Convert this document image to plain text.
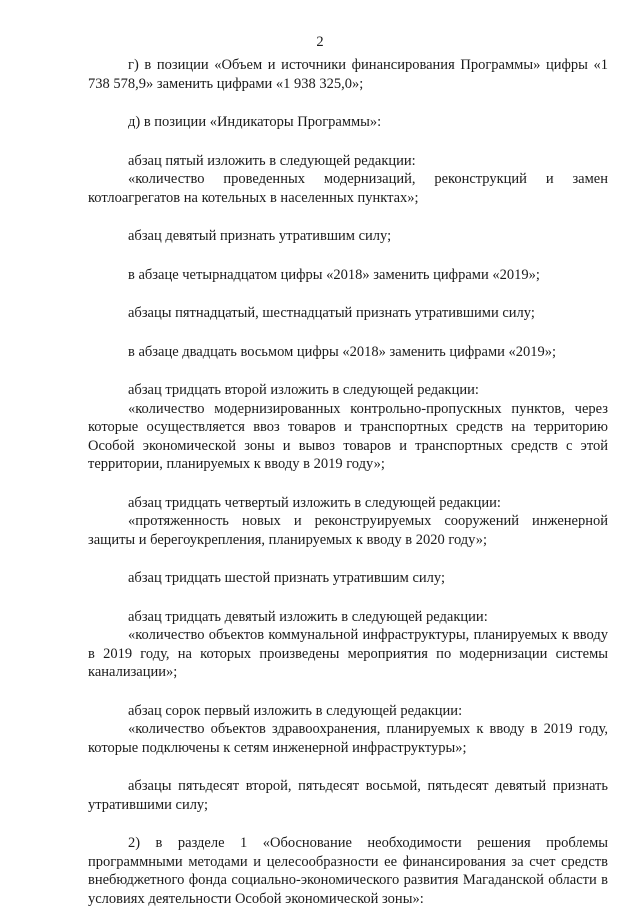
2

г) в позиции «Объем и источники финансирования Программы» цифры «1 738 578,9» заменить цифрами «1 938 325,0»;

д) в позиции «Индикаторы Программы»:

абзац пятый изложить в следующей редакции:

«количество проведенных модернизаций, реконструкций и замен котлоагрегатов на котельных в населенных пунктах»;

абзац девятый признать утратившим силу;

в абзаце четырнадцатом цифры «2018» заменить цифрами «2019»;

абзацы пятнадцатый, шестнадцатый признать утратившими силу;

в абзаце двадцать восьмом цифры «2018» заменить цифрами «2019»;

абзац тридцать второй изложить в следующей редакции:

«количество модернизированных контрольно-пропускных пунктов, через которые осуществляется ввоз товаров и транспортных средств на территорию Особой экономической зоны и вывоз товаров и транспортных средств с этой территории, планируемых к вводу в 2019 году»;

абзац тридцать четвертый изложить в следующей редакции:

«протяженность новых и реконструируемых сооружений инженерной защиты и берегоукрепления, планируемых к вводу в 2020 году»;

абзац тридцать шестой признать утратившим силу;

абзац тридцать девятый изложить в следующей редакции:

«количество объектов коммунальной инфраструктуры, планируемых к вводу в 2019 году, на которых произведены мероприятия по модернизации системы канализации»;

абзац сорок первый изложить в следующей редакции:

«количество объектов здравоохранения, планируемых к вводу в 2019 году, которые подключены к сетям инженерной инфраструктуры»;

абзацы пятьдесят второй, пятьдесят восьмой, пятьдесят девятый признать утратившими силу;

2) в разделе 1 «Обоснование необходимости решения проблемы программными методами и целесообразности ее финансирования за счет средств внебюджетного фонда социально-экономического развития Магаданской области в условиях деятельности Особой экономической зоны»:
